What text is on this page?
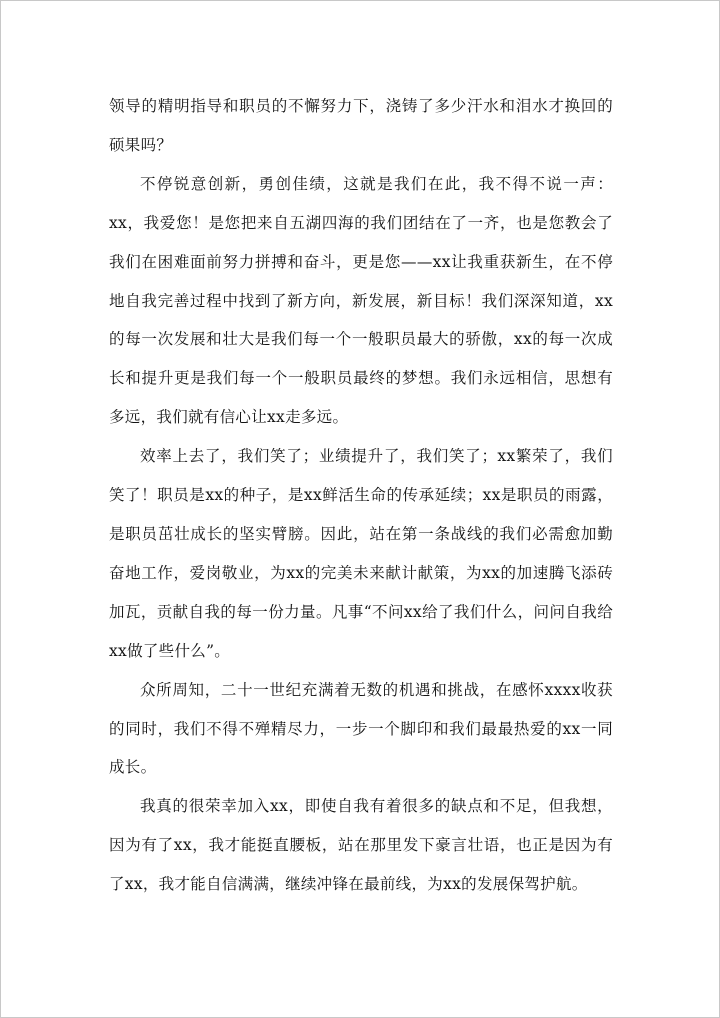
领导的精明指导和职员的不懈努力下，浇铸了多少汗水和泪水才换回的硕果吗？

不停锐意创新，勇创佳绩，这就是我们在此，我不得不说一声：xx，我爱您！是您把来自五湖四海的我们团结在了一齐，也是您教会了我们在困难面前努力拼搏和奋斗，更是您——xx让我重获新生，在不停地自我完善过程中找到了新方向，新发展，新目标！我们深深知道，xx的每一次发展和壮大是我们每一个一般职员最大的骄傲，xx的每一次成长和提升更是我们每一个一般职员最终的梦想。我们永远相信，思想有多远，我们就有信心让xx走多远。

效率上去了，我们笑了；业绩提升了，我们笑了；xx繁荣了，我们笑了！职员是xx的种子，是xx鲜活生命的传承延续；xx是职员的雨露，是职员茁壮成长的坚实臂膀。因此，站在第一条战线的我们必需愈加勤奋地工作，爱岗敬业，为xx的完美未来献计献策，为xx的加速腾飞添砖加瓦，贡献自我的每一份力量。凡事“不问xx给了我们什么，问问自我给xx做了些什么”。

众所周知，二十一世纪充满着无数的机遇和挑战，在感怀xxxx收获的同时，我们不得不殚精尽力，一步一个脚印和我们最最热爱的xx一同成长。

我真的很荣幸加入xx，即使自我有着很多的缺点和不足，但我想，因为有了xx，我才能挺直腰板，站在那里发下豪言壮语，也正是因为有了xx，我才能自信满满，继续冲锋在最前线，为xx的发展保驾护航。
